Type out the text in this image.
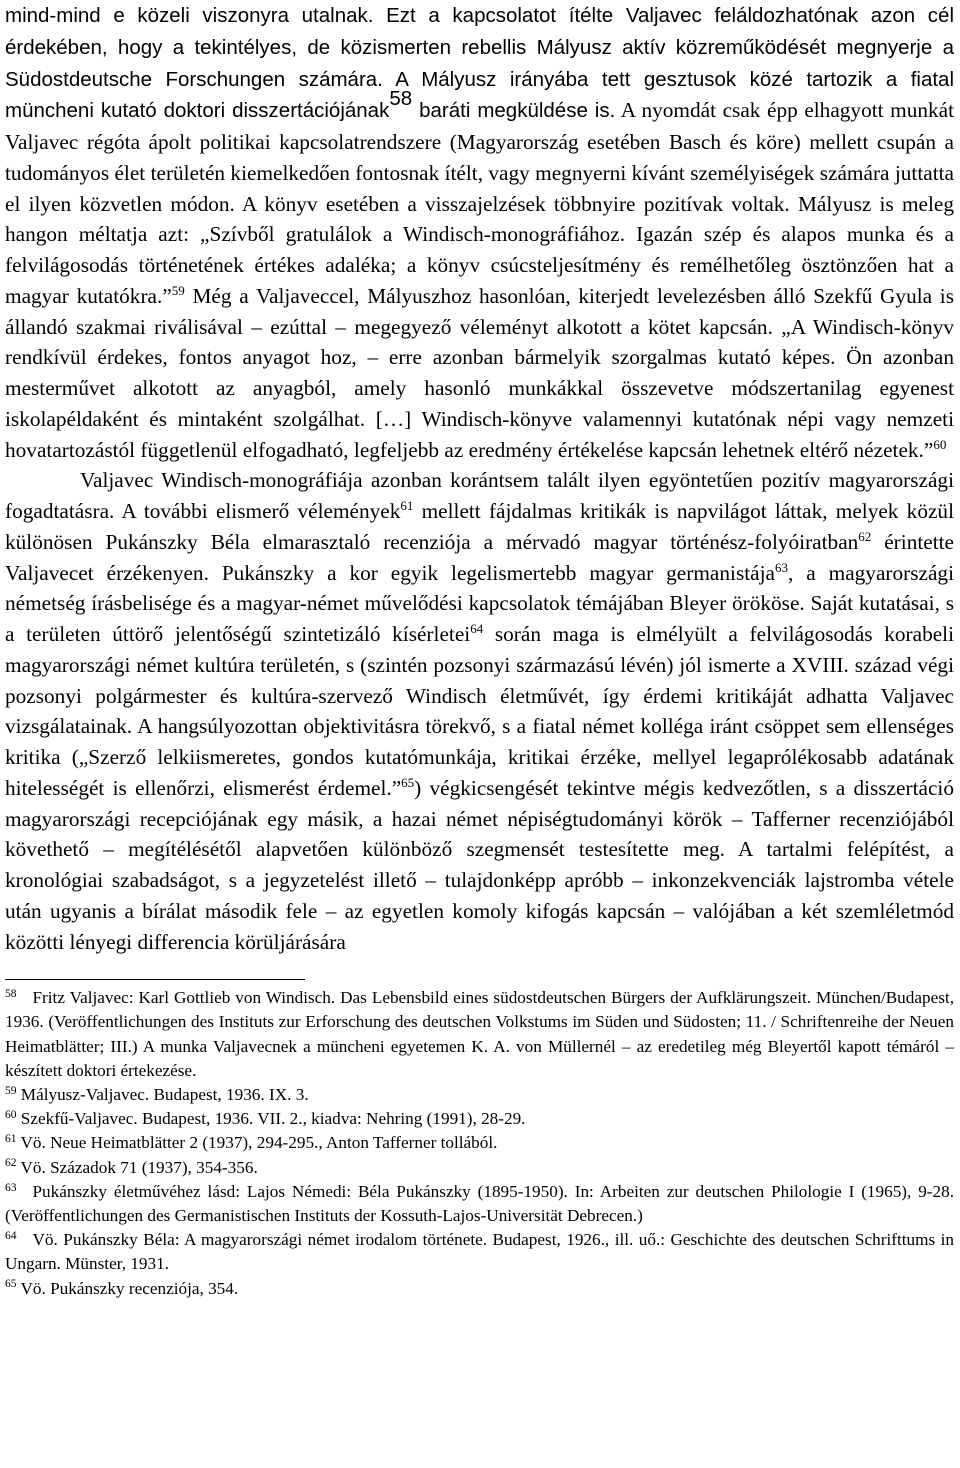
mind-mind e közeli viszonyra utalnak. Ezt a kapcsolatot ítélte Valjavec feláldozhatónak azon cél érdekében, hogy a tekintélyes, de közismerten rebellis Mályusz aktív közreműködését megnyerje a Südostdeutsche Forschungen számára. A Mályusz irányába tett gesztusok közé tartozik a fiatal müncheni kutató doktori disszertációjának$^{58}$ baráti megküldése is. A nyomdát csak épp elhagyott munkát Valjavec régóta ápolt politikai kapcsolatrendszere (Magyarország esetében Basch és köre) mellett csupán a tudományos élet területén kiemelkedően fontosnak ítélt, vagy megnyerni kívánt személyiségek számára juttatta el ilyen közvetlen módon. A könyv esetében a visszajelzések többnyire pozitívak voltak. Mályusz is meleg hangon méltatja azt: „Szívből gratulálok a Windisch-monográfiához. Igazán szép és alapos munka és a felvilágosodás történetének értékes adaléka; a könyv csúcsteljesítmény és remélhetőleg ösztönzően hat a magyar kutatókra.”$^{59}$ Még a Valjaveccel, Mályuszhoz hasonlóan, kiterjedt levelezésben álló Szekfű Gyula is állandó szakmai riválisával – ezúttal – megegyező véleményt alkotott a kötet kapcsán. „A Windisch-könyv rendkívül érdekes, fontos anyagot hoz, – erre azonban bármelyik szorgalmas kutató képes. Ön azonban mesterművet alkotott az anyagból, amely hasonló munkákkal összevetve módszertanilag egyenest iskolapéldaként és mintaként szolgálhat. […] Windisch-könyve valamennyi kutatónak népi vagy nemzeti hovatartozástól függetlenül elfogadható, legfeljebb az eredmény értékelése kapcsán lehetnek eltérő nézetek.”$^{60}$

Valjavec Windisch-monográfiája azonban korántsem talált ilyen egyöntetűen pozitív magyarországi fogadtatásra. A további elismerő vélemények$^{61}$ mellett fájdalmas kritikák is napvilágot láttak, melyek közül különösen Pukánszky Béla elmarasztaló recenziója a mérvadó magyar történész-folyóiratban$^{62}$ érintette Valjavecet érzékenyen. Pukánszky a kor egyik legelismertebb magyar germanistája$^{63}$, a magyarországi németség írásbelisége és a magyar-német művelődési kapcsolatok témájában Bleyer örököse. Saját kutatásai, s a területen úttörő jelentőségű szintetizáló kísérletei$^{64}$ során maga is elmélyült a felvilágosodás korabeli magyarországi német kultúra területén, s (szintén pozsonyi származású lévén) jól ismerte a XVIII. század végi pozsonyi polgármester és kultúra-szervező Windisch életművét, így érdemi kritikáját adhatta Valjavec vizsgálatainak. A hangsúlyozottan objektivitásra törekvő, s a fiatal német kolléga iránt csöppet sem ellenséges kritika („Szerző lelkiismeretes, gondos kutatómunkája, kritikai érzéke, mellyel legaprólékosabb adatának hitelességét is ellenőrzi, elismerést érdemel.”$^{65}$) végkicsengését tekintve mégis kedvezőtlen, s a disszertáció magyarországi recepciójának egy másik, a hazai német népiségtudományi körök – Tafferner recenziójából követhető – megítélésétől alapvetően különböző szegmensét testesítette meg. A tartalmi felépítést, a kronológiai szabadságot, s a jegyzetelést illető – tulajdonképp apróbb – inkonzekvenciák lajstromba vétele után ugyanis a bírálat második fele – az egyetlen komoly kifogás kapcsán – valójában a két szemléletmód közötti lényegi differencia körüljárására

$^{58}$ Fritz Valjavec: Karl Gottlieb von Windisch. Das Lebensbild eines südostdeutschen Bürgers der Aufklärungszeit. München/Budapest, 1936. (Veröffentlichungen des Instituts zur Erforschung des deutschen Volkstums im Süden und Südosten; 11. / Schriftenreihe der Neuen Heimatblätter; III.) A munka Valjavecnek a müncheni egyetemen K. A. von Müllernél – az eredetileg még Bleyertől kapott témáról – készített doktori értekezése.

$^{59}$ Mályusz-Valjavec. Budapest, 1936. IX. 3.

$^{60}$ Szekfű-Valjavec. Budapest, 1936. VII. 2., kiadva: Nehring (1991), 28-29.

$^{61}$ Vö. Neue Heimatblätter 2 (1937), 294-295., Anton Tafferner tollából.

$^{62}$ Vö. Századok 71 (1937), 354-356.

$^{63}$ Pukánszky életművéhez lásd: Lajos Némedi: Béla Pukánszky (1895-1950). In: Arbeiten zur deutschen Philologie I (1965), 9-28. (Veröffentlichungen des Germanistischen Instituts der Kossuth-Lajos-Universität Debrecen.)

$^{64}$ Vö. Pukánszky Béla: A magyarországi német irodalom története. Budapest, 1926., ill. uő.: Geschichte des deutschen Schrifttums in Ungarn. Münster, 1931.

$^{65}$ Vö. Pukánszky recenziója, 354.
